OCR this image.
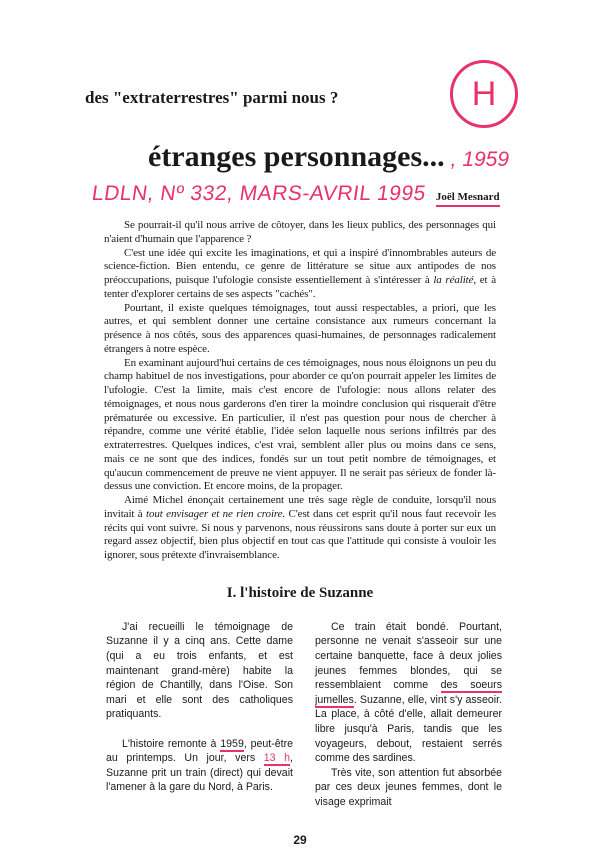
des "extraterrestres" parmi nous ?	H
étranges personnages... , 1959
LDLN, Nº 332, MARS-AVRIL 1995 Joël Mesnard

Se pourrait-il qu'il nous arrive de côtoyer, dans les lieux publics, des personnages qui n'aient d'humain que l'apparence ?

C'est une idée qui excite les imaginations, et qui a inspiré d'innombrables auteurs de science-fiction. Bien entendu, ce genre de littérature se situe aux antipodes de nos préoccupations, puisque l'ufologie consiste essentiellement à s'intéresser à la réalité, et à tenter d'explorer certains de ses aspects "cachés".

Pourtant, il existe quelques témoignages, tout aussi respectables, a priori, que les autres, et qui semblent donner une certaine consistance aux rumeurs concernant la présence à nos côtés, sous des apparences quasi-humaines, de personnages radicalement étrangers à notre espèce.

En examinant aujourd'hui certains de ces témoignages, nous nous éloignons un peu du champ habituel de nos investigations, pour aborder ce qu'on pourrait appeler les limites de l'ufologie. C'est la limite, mais c'est encore de l'ufologie: nous allons relater des témoignages, et nous nous garderons d'en tirer la moindre conclusion qui risquerait d'être prématurée ou excessive. En particulier, il n'est pas question pour nous de chercher à répandre, comme une vérité établie, l'idée selon laquelle nous serions infiltrés par des extraterrestres. Quelques indices, c'est vrai, semblent aller plus ou moins dans ce sens, mais ce ne sont que des indices, fondés sur un tout petit nombre de témoignages, et qu'aucun commencement de preuve ne vient appuyer. Il ne serait pas sérieux de fonder là-dessus une conviction. Et encore moins, de la propager.

Aimé Michel énonçait certainement une très sage règle de conduite, lorsqu'il nous invitait à tout envisager et ne rien croire. C'est dans cet esprit qu'il nous faut recevoir les récits qui vont suivre. Si nous y parvenons, nous réussirons sans doute à porter sur eux un regard assez objectif, bien plus objectif en tout cas que l'attitude qui consiste à vouloir les ignorer, sous prétexte d'invraisemblance.

I. l'histoire de Suzanne

J'ai recueilli le témoignage de Suzanne il y a cinq ans. Cette dame (qui a eu trois enfants, et est maintenant grand-mère) habite la région de Chantilly, dans l'Oise. Son mari et elle sont des catholiques pratiquants.

L'histoire remonte à 1959, peut-être au printemps. Un jour, vers 13 h, Suzanne prit un train (direct) qui devait l'amener à la gare du Nord, à Paris.

Ce train était bondé. Pourtant, personne ne venait s'asseoir sur une certaine banquette, face à deux jolies jeunes femmes blondes, qui se ressemblaient comme des soeurs jumelles. Suzanne, elle, vint s'y asseoir. La place, à côté d'elle, allait demeurer libre jusqu'à Paris, tandis que les voyageurs, debout, restaient serrés comme des sardines.

Très vite, son attention fut absorbée par ces deux jeunes femmes, dont le visage exprimait

29
